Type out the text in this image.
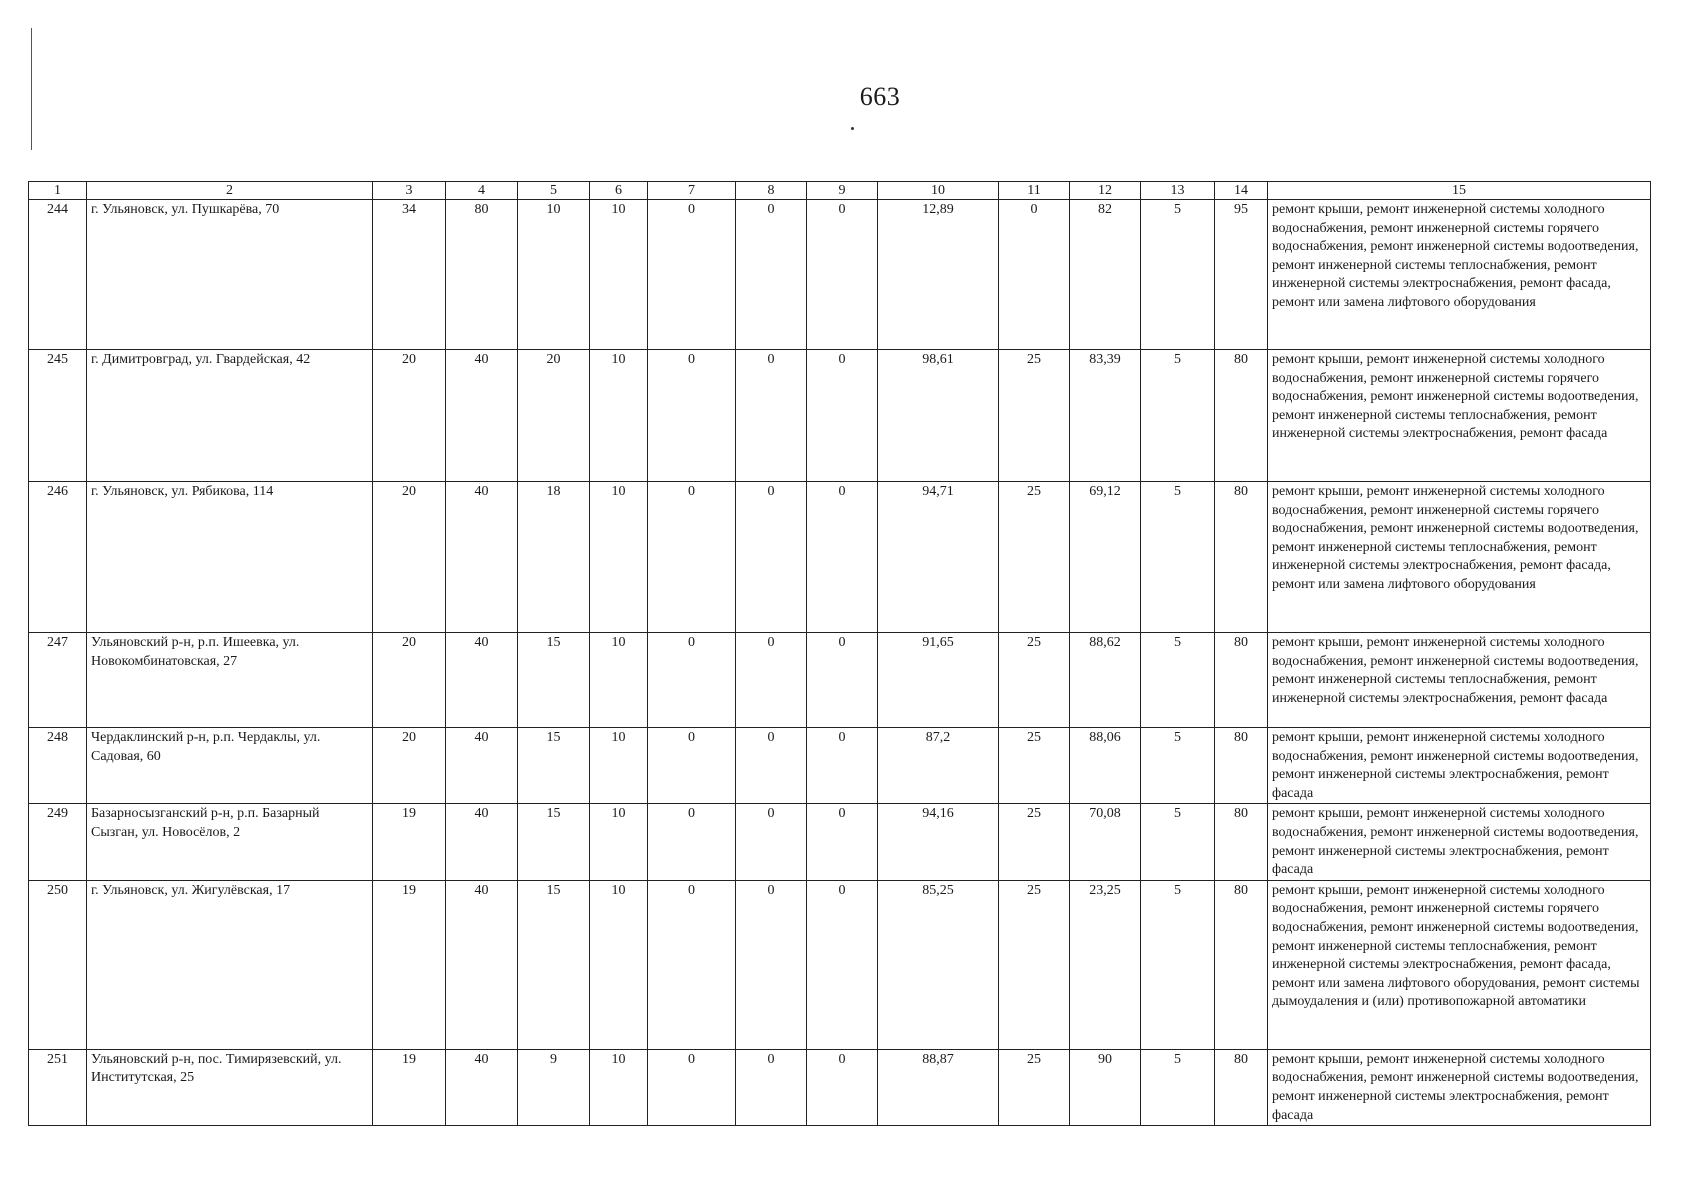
663
1	2	3	4	5	6	7	8	9	10	11	12	13	14	15
244	г. Ульяновск, ул. Пушкарёва, 70	34	80	10	10	0	0	0	12,89	0	82	5	95	ремонт крыши, ремонт инженерной системы холодного водоснабжения, ремонт инженерной системы горячего водоснабжения, ремонт инженерной системы водоотведения, ремонт инженерной системы теплоснабжения, ремонт инженерной системы электроснабжения, ремонт фасада, ремонт или замена лифтового оборудования
245	г. Димитровград, ул. Гвардейская, 42	20	40	20	10	0	0	0	98,61	25	83,39	5	80	ремонт крыши, ремонт инженерной системы холодного водоснабжения, ремонт инженерной системы горячего водоснабжения, ремонт инженерной системы водоотведения, ремонт инженерной системы теплоснабжения, ремонт инженерной системы электроснабжения, ремонт фасада
246	г. Ульяновск, ул. Рябикова, 114	20	40	18	10	0	0	0	94,71	25	69,12	5	80	ремонт крыши, ремонт инженерной системы холодного водоснабжения, ремонт инженерной системы горячего водоснабжения, ремонт инженерной системы водоотведения, ремонт инженерной системы теплоснабжения, ремонт инженерной системы электроснабжения, ремонт фасада, ремонт или замена лифтового оборудования
247	Ульяновский р-н, р.п. Ишеевка, ул. Новокомбинатовская, 27	20	40	15	10	0	0	0	91,65	25	88,62	5	80	ремонт крыши, ремонт инженерной системы холодного водоснабжения, ремонт инженерной системы водоотведения, ремонт инженерной системы теплоснабжения, ремонт инженерной системы электроснабжения, ремонт фасада
248	Чердаклинский р-н, р.п. Чердаклы, ул. Садовая, 60	20	40	15	10	0	0	0	87,2	25	88,06	5	80	ремонт крыши, ремонт инженерной системы холодного водоснабжения, ремонт инженерной системы водоотведения, ремонт инженерной системы электроснабжения, ремонт фасада
249	Базарносызганский р-н, р.п. Базарный Сызган, ул. Новосёлов, 2	19	40	15	10	0	0	0	94,16	25	70,08	5	80	ремонт крыши, ремонт инженерной системы холодного водоснабжения, ремонт инженерной системы водоотведения, ремонт инженерной системы электроснабжения, ремонт фасада
250	г. Ульяновск, ул. Жигулёвская, 17	19	40	15	10	0	0	0	85,25	25	23,25	5	80	ремонт крыши, ремонт инженерной системы холодного водоснабжения, ремонт инженерной системы горячего водоснабжения, ремонт инженерной системы водоотведения, ремонт инженерной системы теплоснабжения, ремонт инженерной системы электроснабжения, ремонт фасада, ремонт или замена лифтового оборудования, ремонт системы дымоудаления и (или) противопожарной автоматики
251	Ульяновский р-н, пос. Тимирязевский, ул. Институтская, 25	19	40	9	10	0	0	0	88,87	25	90	5	80	ремонт крыши, ремонт инженерной системы холодного водоснабжения, ремонт инженерной системы водоотведения, ремонт инженерной системы электроснабжения, ремонт фасада
